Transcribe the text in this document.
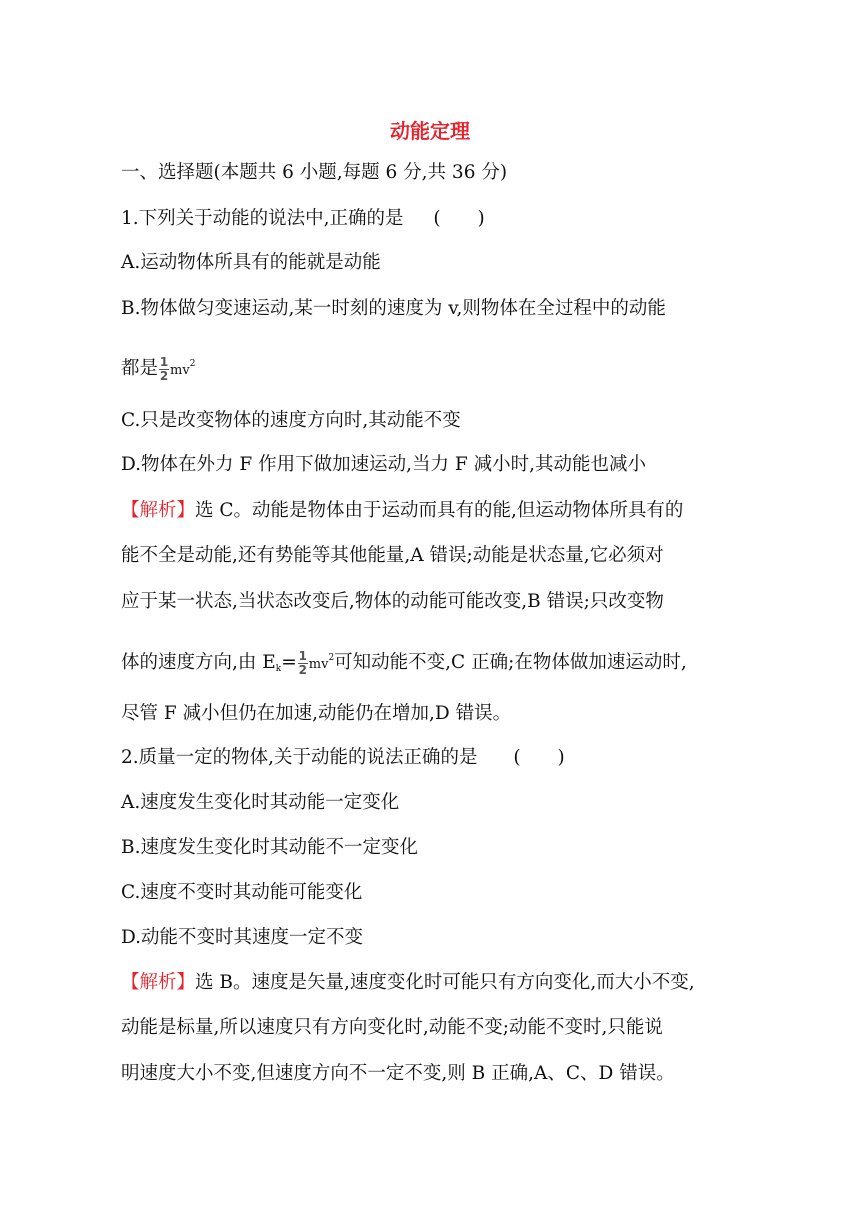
动能定理
一、选择题(本题共 6 小题,每题 6 分,共 36 分)
1.下列关于动能的说法中,正确的是 (　　)
A.运动物体所具有的能就是动能
B.物体做匀变速运动,某一时刻的速度为 v,则物体在全过程中的动能
都是$\frac{1}{2}mv^2$
C.只是改变物体的速度方向时,其动能不变
D.物体在外力 F 作用下做加速运动,当力 F 减小时,其动能也减小
【解析】选 C。动能是物体由于运动而具有的能,但运动物体所具有的
能不全是动能,还有势能等其他能量,A 错误;动能是状态量,它必须对
应于某一状态,当状态改变后,物体的动能可能改变,B 错误;只改变物
体的速度方向,由 $E_k=\frac{1}{2}mv^2$可知动能不变,C 正确;在物体做加速运动时,
尽管 F 减小但仍在加速,动能仍在增加,D 错误。
2.质量一定的物体,关于动能的说法正确的是 (　　)
A.速度发生变化时其动能一定变化
B.速度发生变化时其动能不一定变化
C.速度不变时其动能可能变化
D.动能不变时其速度一定不变
【解析】选 B。速度是矢量,速度变化时可能只有方向变化,而大小不变,
动能是标量,所以速度只有方向变化时,动能不变;动能不变时,只能说
明速度大小不变,但速度方向不一定不变,则 B 正确,A、C、D 错误。
